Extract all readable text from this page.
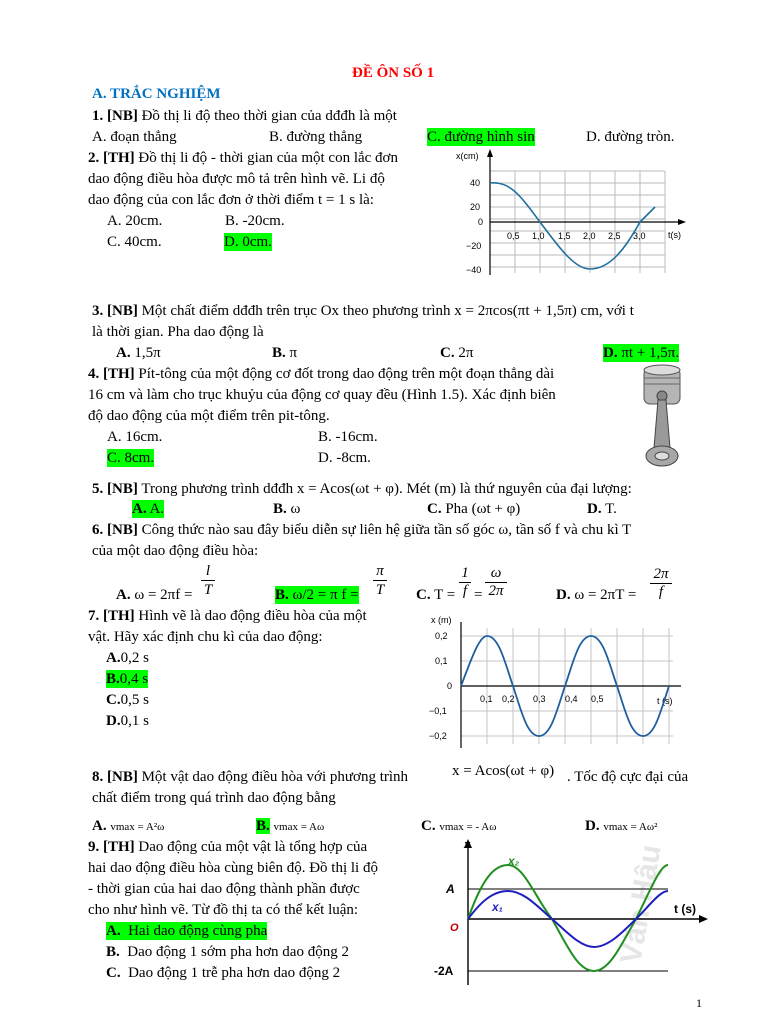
ĐỀ ÔN SỐ 1
A. TRẮC NGHIỆM
1. [NB] Đồ thị li độ theo thời gian của dđđh là một
A. đoạn thẳng	B. đường thẳng	C. đường hình sin	D. đường tròn.
2. [TH] Đồ thị li độ - thời gian của một con lắc đơn
dao động điều hòa được mô tả trên hình vẽ. Li độ
dao động của con lắc đơn ở thời điểm t = 1 s là:
A. 20cm.	B. -20cm.
C. 40cm.	D. 0cm.
x(cm)
t(s)
40
20
0
−20
−40
0,5 1,0 1,5 2,0 2,5 3,0
3. [NB] Một chất điểm dđđh trên trục Ox theo phương trình x = 2πcos(πt + 1,5π) cm, với t
là thời gian. Pha dao động là
A. 1,5π	B. π	C. 2π	D. πt + 1,5π.
4. [TH] Pít-tông của một động cơ đốt trong dao động trên một đoạn thẳng dài
16 cm và làm cho trục khuỷu của động cơ quay đều (Hình 1.5). Xác định biên
độ dao động của một điểm trên pit-tông.
A. 16cm.	B. -16cm.
C. 8cm.	D. -8cm.
5. [NB] Trong phương trình dđđh x = Acos(ωt + φ). Mét (m) là thứ nguyên của đại lượng:
A. A.	B. ω	C. Pha (ωt + φ)	D. T.
6. [NB] Công thức nào sau đây biểu diễn sự liên hệ giữa tần số góc ω, tần số f và chu kì T
của một dao động điều hòa:
A. ω = 2πf =
l
T	B. ω/2 = π f =
π
T C. T =
1
f =
ω
2π	D. ω = 2πT =
2π
f
7. [TH] Hình vẽ là dao động điều hòa của một
vật. Hãy xác định chu kì của dao động:
A.0,2 s
B.0,4 s
C.0,5 s
D.0,1 s
x (m)
t (s)
0,2
0,1
0
−0,1
−0,2
0,1 0,2 0,3 0,4 0,5
8. [NB] Một vật dao động điều hòa với phương trình	x = Acos(ωt + φ) . Tốc độ cực đại của
chất điểm trong quá trình dao động bằng
A. vmax = A²ω	B. vmax = Aω	C. vmax = - Aω	D. vmax = Aω²
9. [TH] Dao động của một vật là tổng hợp của
hai dao động điều hòa cùng biên độ. Đồ thị li độ
- thời gian của hai dao động thành phần được
cho như hình vẽ. Từ đồ thị ta có thể kết luận:
A. Hai dao động cùng pha
B. Dao động 1 sớm pha hơn dao động 2
C. Dao động 1 trễ pha hơn dao động 2
Văn Hậu
x
t (s)
A
O
-2A
x₂
x₁
1
